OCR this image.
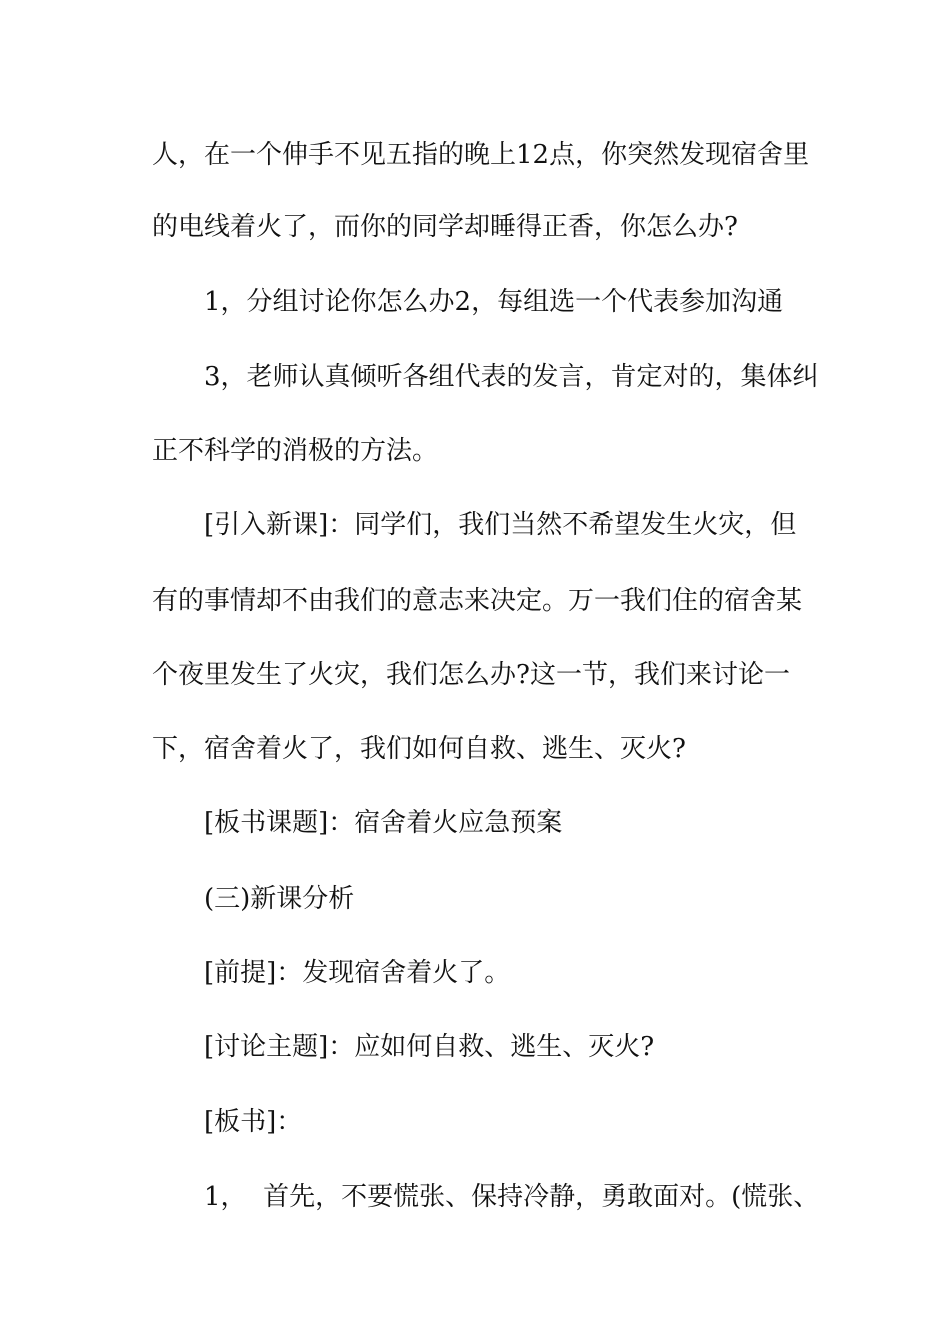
人，在一个伸手不见五指的晚上12点，你突然发现宿舍里
的电线着火了，而你的同学却睡得正香，你怎么办?
1，分组讨论你怎么办2，每组选一个代表参加沟通
3，老师认真倾听各组代表的发言，肯定对的，集体纠
正不科学的消极的方法。
[引入新课]：同学们，我们当然不希望发生火灾，但
有的事情却不由我们的意志来决定。万一我们住的宿舍某
个夜里发生了火灾，我们怎么办?这一节，我们来讨论一
下，宿舍着火了，我们如何自救、逃生、灭火?
[板书课题]：宿舍着火应急预案
(三)新课分析
[前提]：发现宿舍着火了。
[讨论主题]：应如何自救、逃生、灭火?
[板书]：
1，  首先，不要慌张、保持冷静，勇敢面对。(慌张、
